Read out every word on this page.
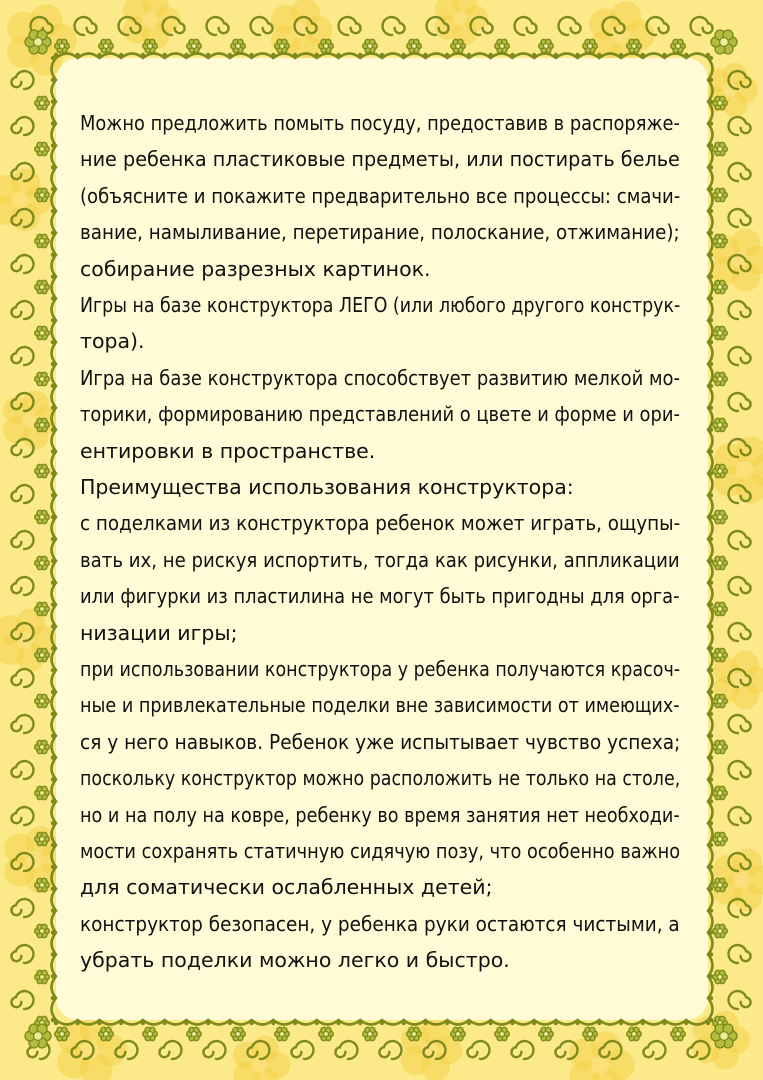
Можно предложить помыть посуду, предоставив в распоряже-
ние ребенка пластиковые предметы, или постирать белье
(объясните и покажите предварительно все процессы: смачи-
вание, намыливание, перетирание, полоскание, отжимание);
собирание разрезных картинок.
Игры на базе конструктора ЛЕГО (или любого другого конструк-
тора).
Игра на базе конструктора способствует развитию мелкой мо-
торики, формированию представлений о цвете и форме и ори-
ентировки в пространстве.
Преимущества использования конструктора:
с поделками из конструктора ребенок может играть, ощупы-
вать их, не рискуя испортить, тогда как рисунки, аппликации
или фигурки из пластилина не могут быть пригодны для орга-
низации игры;
при использовании конструктора у ребенка получаются красоч-
ные и привлекательные поделки вне зависимости от имеющих-
ся у него навыков. Ребенок уже испытывает чувство успеха;
поскольку конструктор можно расположить не только на столе,
но и на полу на ковре, ребенку во время занятия нет необходи-
мости сохранять статичную сидячую позу, что особенно важно
для соматически ослабленных детей;
конструктор безопасен, у ребенка руки остаются чистыми, а
убрать поделки можно легко и быстро.
